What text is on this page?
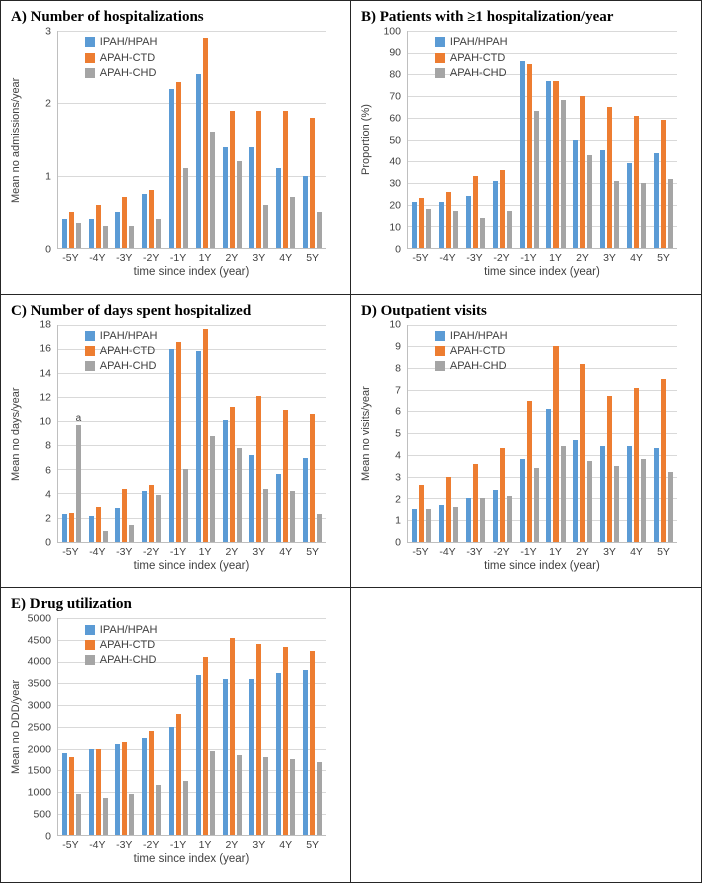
A) Number of hospitalizations
Mean no admissions/year
0
1
2
3
IPAH/HPAH
APAH-CTD
APAH-CHD
-5Y	-4Y	-3Y	-2Y	-1Y	1Y	2Y	3Y	4Y	5Y
time since index (year)
B) Patients with ≥1 hospitalization/year
Proportion (%)
0
10
20
30
40
50
60
70
80
90
100
IPAH/HPAH
APAH-CTD
APAH-CHD
-5Y	-4Y	-3Y	-2Y	-1Y	1Y	2Y	3Y	4Y	5Y
time since index (year)
C) Number of days spent hospitalized
Mean no days/year
0
2
4
6
8
10
12
14
16
18
a
IPAH/HPAH
APAH-CTD
APAH-CHD
-5Y	-4Y	-3Y	-2Y	-1Y	1Y	2Y	3Y	4Y	5Y
time since index (year)
D) Outpatient visits
Mean no visits/year
0
1
2
3
4
5
6
7
8
9
10
IPAH/HPAH
APAH-CTD
APAH-CHD
-5Y	-4Y	-3Y	-2Y	-1Y	1Y	2Y	3Y	4Y	5Y
time since index (year)
E) Drug utilization
Mean no DDD/year
0
500
1000
1500
2000
2500
3000
3500
4000
4500
5000
IPAH/HPAH
APAH-CTD
APAH-CHD
-5Y	-4Y	-3Y	-2Y	-1Y	1Y	2Y	3Y	4Y	5Y
time since index (year)
